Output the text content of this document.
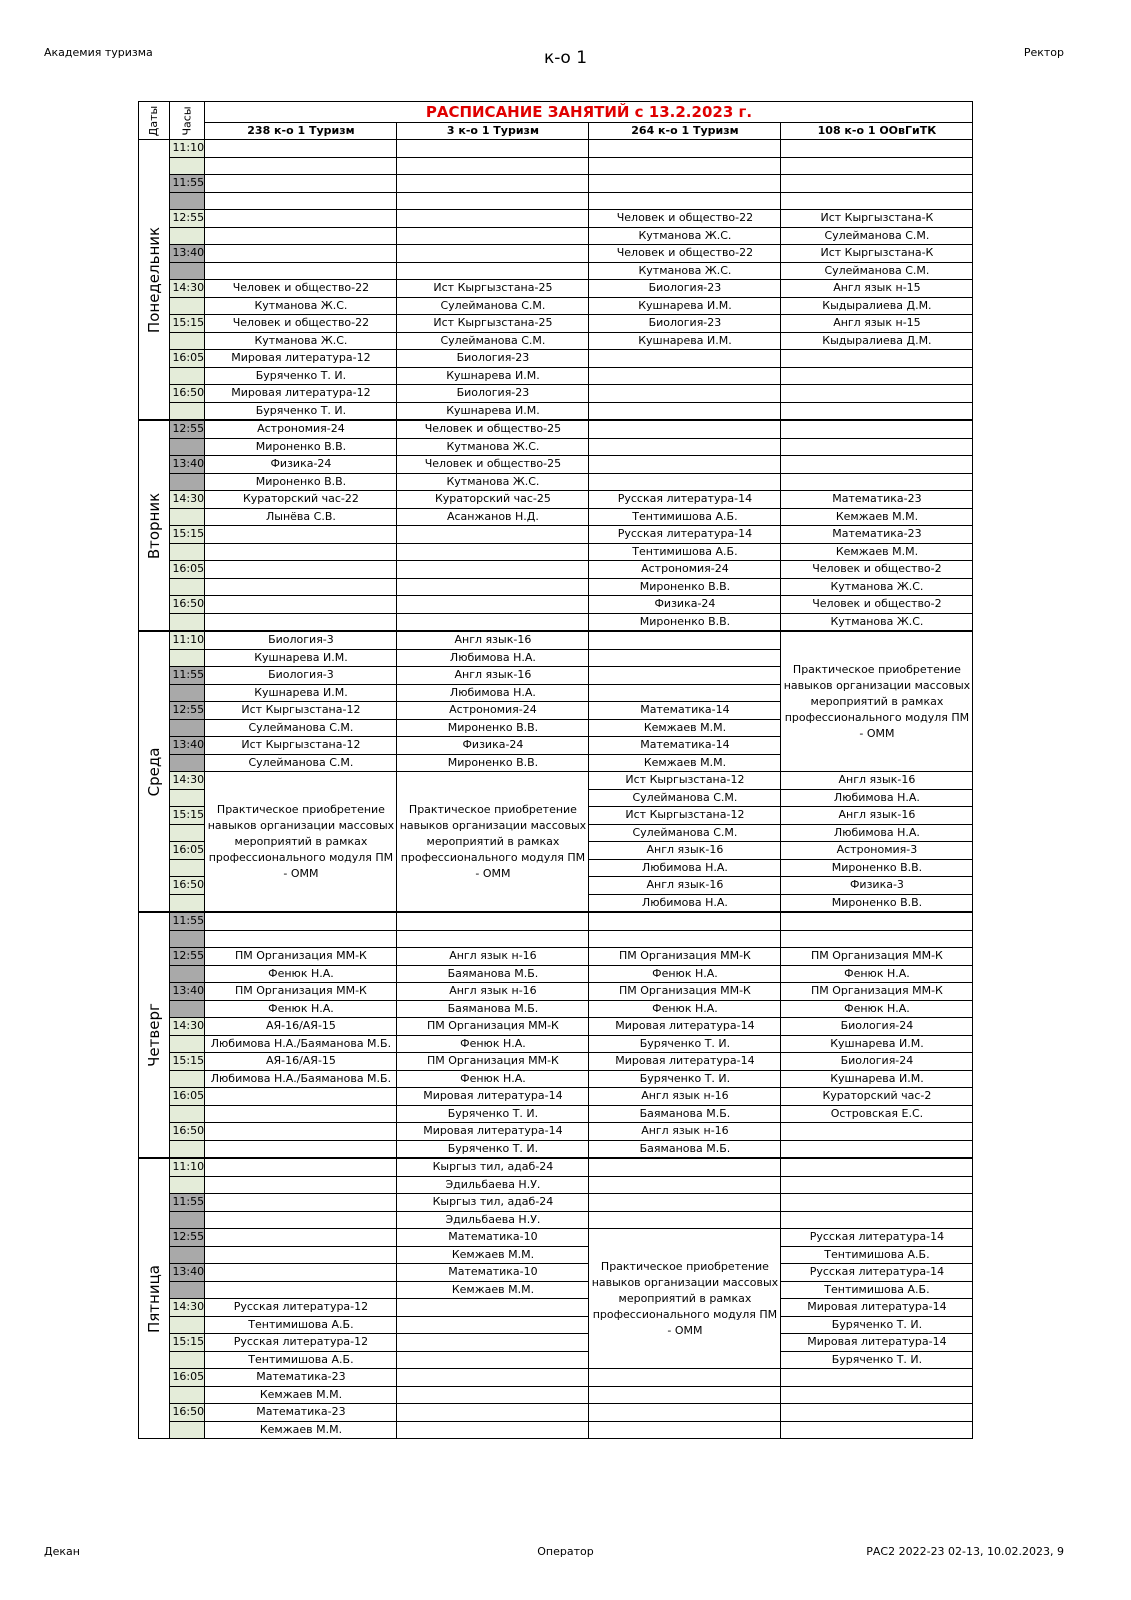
Академия туризма	к-о 1	Ректор
Даты	Часы	РАСПИСАНИЕ ЗАНЯТИЙ с 13.2.2023 г.			
		238 к-о 1 Туризм	3 к-о 1 Туризм	264 к-о 1 Туризм	108 к-о 1 ООвГиТК

Понедельник	11:10				

	11:55				

	12:55			Человек и общество-22	Ист Кыргызстана-К
				Кутманова Ж.С.	Сулейманова С.М.
	13:40			Человек и общество-22	Ист Кыргызстана-К
				Кутманова Ж.С.	Сулейманова С.М.
	14:30	Человек и общество-22	Ист Кыргызстана-25	Биология-23	Англ язык н-15
		Кутманова Ж.С.	Сулейманова С.М.	Кушнарева И.М.	Кыдыралиева Д.М.
	15:15	Человек и общество-22	Ист Кыргызстана-25	Биология-23	Англ язык н-15
		Кутманова Ж.С.	Сулейманова С.М.	Кушнарева И.М.	Кыдыралиева Д.М.
	16:05	Мировая литература-12	Биология-23		
		Буряченко Т. И.	Кушнарева И.М.		
	16:50	Мировая литература-12	Биология-23		
		Буряченко Т. И.	Кушнарева И.М.		

Вторник	12:55	Астрономия-24	Человек и общество-25		
		Мироненко В.В.	Кутманова Ж.С.		
	13:40	Физика-24	Человек и общество-25		
		Мироненко В.В.	Кутманова Ж.С.		
	14:30	Кураторский час-22	Кураторский час-25	Русская литература-14	Математика-23
		Лынёва С.В.	Асанжанов Н.Д.	Тентимишова А.Б.	Кемжаев М.М.
	15:15			Русская литература-14	Математика-23
				Тентимишова А.Б.	Кемжаев М.М.
	16:05			Астрономия-24	Человек и общество-2
				Мироненко В.В.	Кутманова Ж.С.
	16:50			Физика-24	Человек и общество-2
				Мироненко В.В.	Кутманова Ж.С.

Среда	11:10	Биология-3	Англ язык-16		Практическое приобретение навыков организации массовых мероприятий в рамках профессионального модуля ПМ - ОММ
		Кушнарева И.М.	Любимова Н.А.		
	11:55	Биология-3	Англ язык-16		
		Кушнарева И.М.	Любимова Н.А.		
	12:55	Ист Кыргызстана-12	Астрономия-24	Математика-14	
		Сулейманова С.М.	Мироненко В.В.	Кемжаев М.М.	
	13:40	Ист Кыргызстана-12	Физика-24	Математика-14	
		Сулейманова С.М.	Мироненко В.В.	Кемжаев М.М.	
	14:30	Практическое приобретение навыков организации массовых мероприятий в рамках профессионального модуля ПМ - ОММ	Практическое приобретение навыков организации массовых мероприятий в рамках профессионального модуля ПМ - ОММ	Ист Кыргызстана-12	Англ язык-16
				Сулейманова С.М.	Любимова Н.А.
	15:15			Ист Кыргызстана-12	Англ язык-16
				Сулейманова С.М.	Любимова Н.А.
	16:05			Англ язык-16	Астрономия-3
				Любимова Н.А.	Мироненко В.В.
	16:50			Англ язык-16	Физика-3
				Любимова Н.А.	Мироненко В.В.

Четверг	11:55				

	12:55	ПМ Организация ММ-К	Англ язык н-16	ПМ Организация ММ-К	ПМ Организация ММ-К
		Фенюк Н.А.	Баяманова М.Б.	Фенюк Н.А.	Фенюк Н.А.
	13:40	ПМ Организация ММ-К	Англ язык н-16	ПМ Организация ММ-К	ПМ Организация ММ-К
		Фенюк Н.А.	Баяманова М.Б.	Фенюк Н.А.	Фенюк Н.А.
	14:30	АЯ-16/АЯ-15	ПМ Организация ММ-К	Мировая литература-14	Биология-24
		Любимова Н.А./Баяманова М.Б.	Фенюк Н.А.	Буряченко Т. И.	Кушнарева И.М.
	15:15	АЯ-16/АЯ-15	ПМ Организация ММ-К	Мировая литература-14	Биология-24
		Любимова Н.А./Баяманова М.Б.	Фенюк Н.А.	Буряченко Т. И.	Кушнарева И.М.
	16:05		Мировая литература-14	Англ язык н-16	Кураторский час-2
			Буряченко Т. И.	Баяманова М.Б.	Островская Е.С.
	16:50		Мировая литература-14	Англ язык н-16	
			Буряченко Т. И.	Баяманова М.Б.	

Пятница	11:10		Кыргыз тил, адаб-24		
			Эдильбаева Н.У.		
	11:55		Кыргыз тил, адаб-24		
			Эдильбаева Н.У.		
	12:55		Математика-10	Практическое приобретение навыков организации массовых мероприятий в рамках профессионального модуля ПМ - ОММ	Русская литература-14
			Кемжаев М.М.		Тентимишова А.Б.
	13:40		Математика-10		Русская литература-14
			Кемжаев М.М.		Тентимишова А.Б.
	14:30	Русская литература-12			Мировая литература-14
		Тентимишова А.Б.			Буряченко Т. И.
	15:15	Русская литература-12			Мировая литература-14
		Тентимишова А.Б.			Буряченко Т. И.
	16:05	Математика-23			
		Кемжаев М.М.			
	16:50	Математика-23			
		Кемжаев М.М.			
Декан	Оператор	РАС2 2022-23 02-13, 10.02.2023, 9
